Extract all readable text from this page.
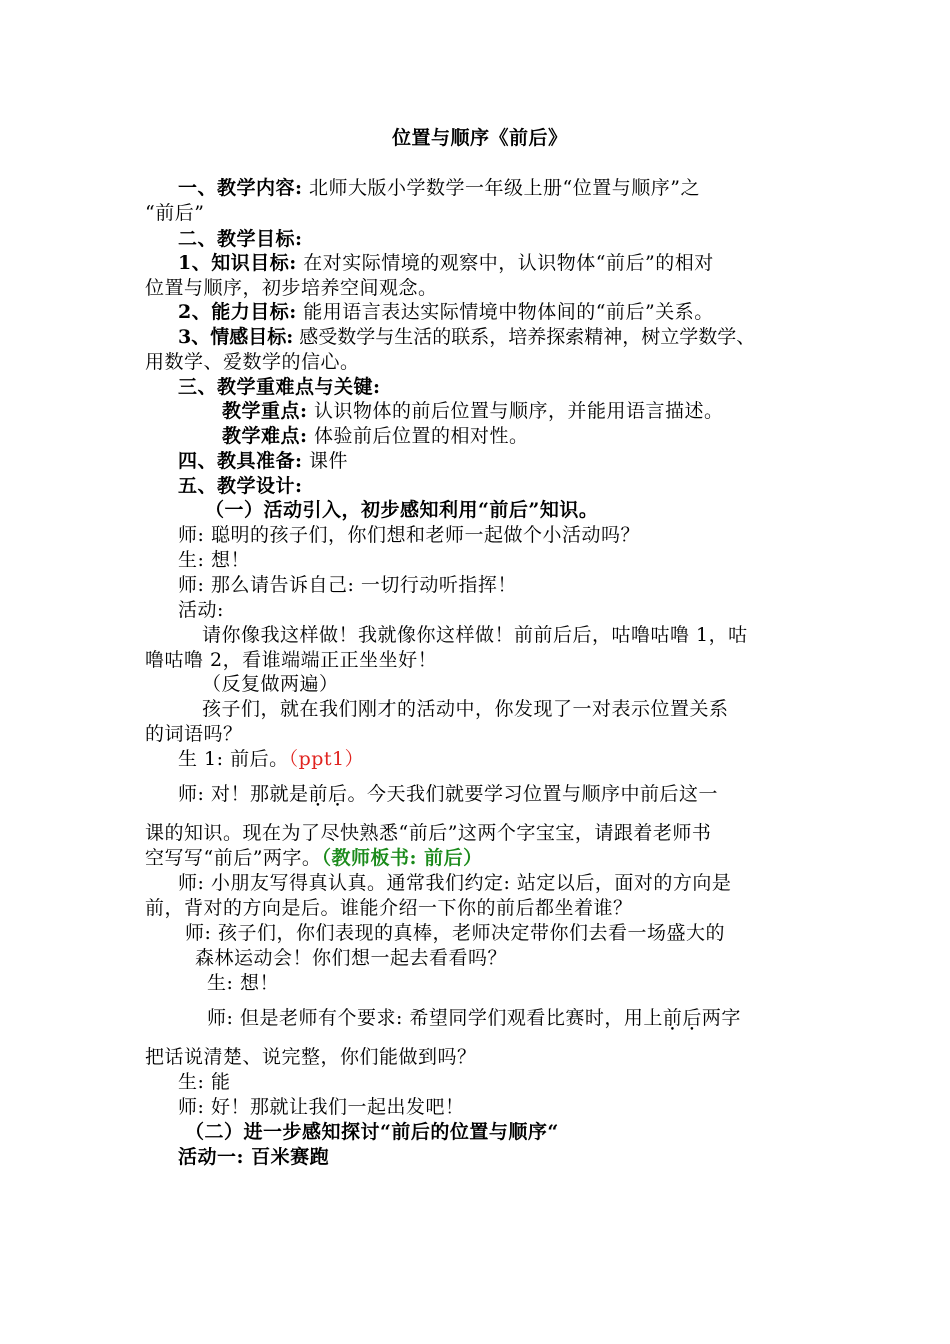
位置与顺序《前后》
一、教学内容: 北师大版小学数学一年级上册“位置与顺序”之
“前后”
二、教学目标:
1、知识目标: 在对实际情境的观察中，认识物体“前后”的相对
位置与顺序，初步培养空间观念。
2、能力目标: 能用语言表达实际情境中物体间的“前后”关系。
3、情感目标: 感受数学与生活的联系，培养探索精神，树立学数学、
用数学、爱数学的信心。
三、教学重难点与关键:
教学重点: 认识物体的前后位置与顺序，并能用语言描述。
教学难点: 体验前后位置的相对性。
四、教具准备: 课件
五、教学设计:
（一）活动引入，初步感知利用“前后”知识。
师: 聪明的孩子们，你们想和老师一起做个小活动吗？
生: 想！
师: 那么请告诉自己: 一切行动听指挥！
活动:
请你像我这样做！我就像你这样做！前前后后，咕噜咕噜 1，咕
噜咕噜 2，看谁端端正正坐坐好！
（反复做两遍）
孩子们，就在我们刚才的活动中，你发现了一对表示位置关系
的词语吗？
生 1: 前后。（ppt1）
师: 对！那就是前后。今天我们就要学习位置与顺序中前后这一
课的知识。现在为了尽快熟悉“前后”这两个字宝宝，请跟着老师书
空写写“前后”两字。（教师板书: 前后）
师: 小朋友写得真认真。通常我们约定: 站定以后，面对的方向是
前，背对的方向是后。谁能介绍一下你的前后都坐着谁？
师: 孩子们，你们表现的真棒，老师决定带你们去看一场盛大的
森林运动会！你们想一起去看看吗？
生: 想！
师: 但是老师有个要求: 希望同学们观看比赛时，用上前后两字
把话说清楚、说完整，你们能做到吗？
生: 能
师: 好！那就让我们一起出发吧！
（二）进一步感知探讨“前后的位置与顺序“
活动一: 百米赛跑
